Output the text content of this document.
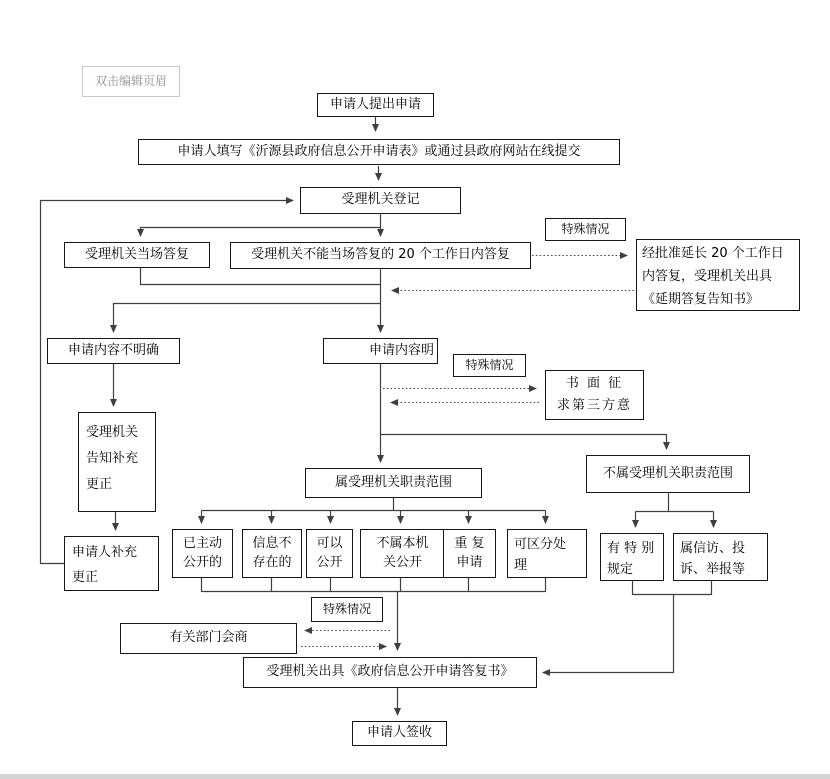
双击编辑页眉
申请人提出申请
申请人填写《沂源县政府信息公开申请表》或通过县政府网站在线提交
受理机关登记
特殊情况
受理机关当场答复	受理机关不能当场答复的 20 个工作日内答复	经批准延长 20 个工作日
内答复，受理机关出具
《延期答复告知书》
申请内容不明确	申请内容明
特殊情况
书 面 征
求第三方意
受理机关
告知补充
更正
申请人补充
更正
属受理机关职责范围
不属受理机关职责范围
已主动
公开的
信息不
存在的
可以
公开
不属本机
关公开
重 复
申请
可区分处
理
有 特 别
规定
属信访、投
诉、举报等
特殊情况
有关部门会商
受理机关出具《政府信息公开申请答复书》
申请人签收
